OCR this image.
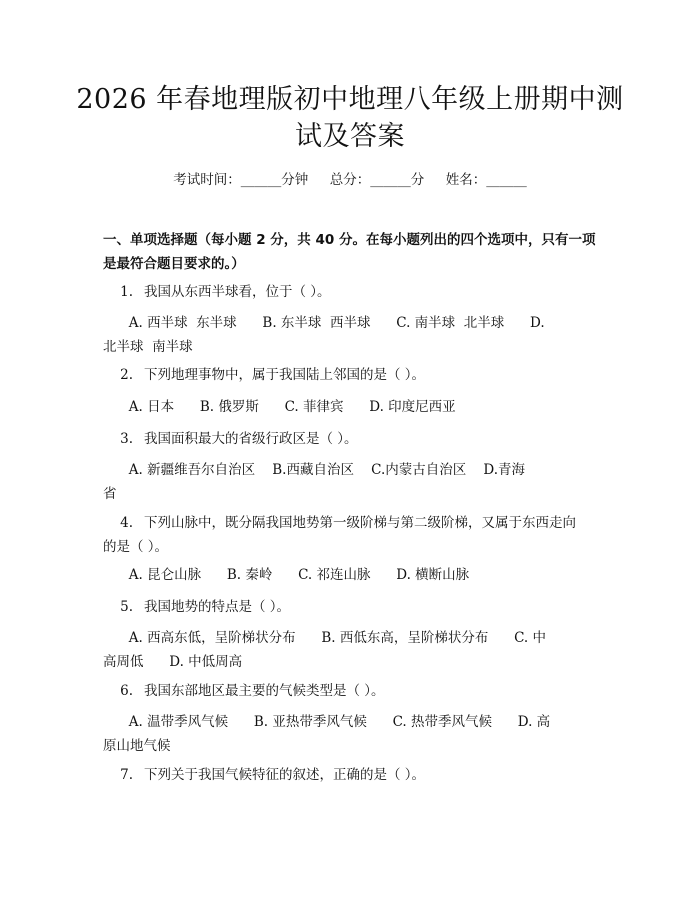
2026 年春地理版初中地理八年级上册期中测
试及答案
考试时间：______分钟     总分：______分     姓名：______
一、单项选择题（每小题 2 分，共 40 分。在每小题列出的四个选项中，只有一项
是最符合题目要求的。）
1. 我国从东西半球看，位于（ ）。
A. 西半球  东半球      B. 东半球  西半球      C. 南半球  北半球      D.
北半球  南半球
2. 下列地理事物中，属于我国陆上邻国的是（ ）。
A. 日本      B. 俄罗斯      C. 菲律宾      D. 印度尼西亚
3. 我国面积最大的省级行政区是（ ）。
A. 新疆维吾尔自治区    B.西藏自治区    C.内蒙古自治区    D.青海
省
4. 下列山脉中，既分隔我国地势第一级阶梯与第二级阶梯，又属于东西走向
的是（ ）。
A. 昆仑山脉      B. 秦岭      C. 祁连山脉      D. 横断山脉
5. 我国地势的特点是（ ）。
A. 西高东低，呈阶梯状分布      B. 西低东高，呈阶梯状分布      C. 中
高周低      D. 中低周高
6. 我国东部地区最主要的气候类型是（ ）。
A. 温带季风气候      B. 亚热带季风气候      C. 热带季风气候      D. 高
原山地气候
7. 下列关于我国气候特征的叙述，正确的是（ ）。
